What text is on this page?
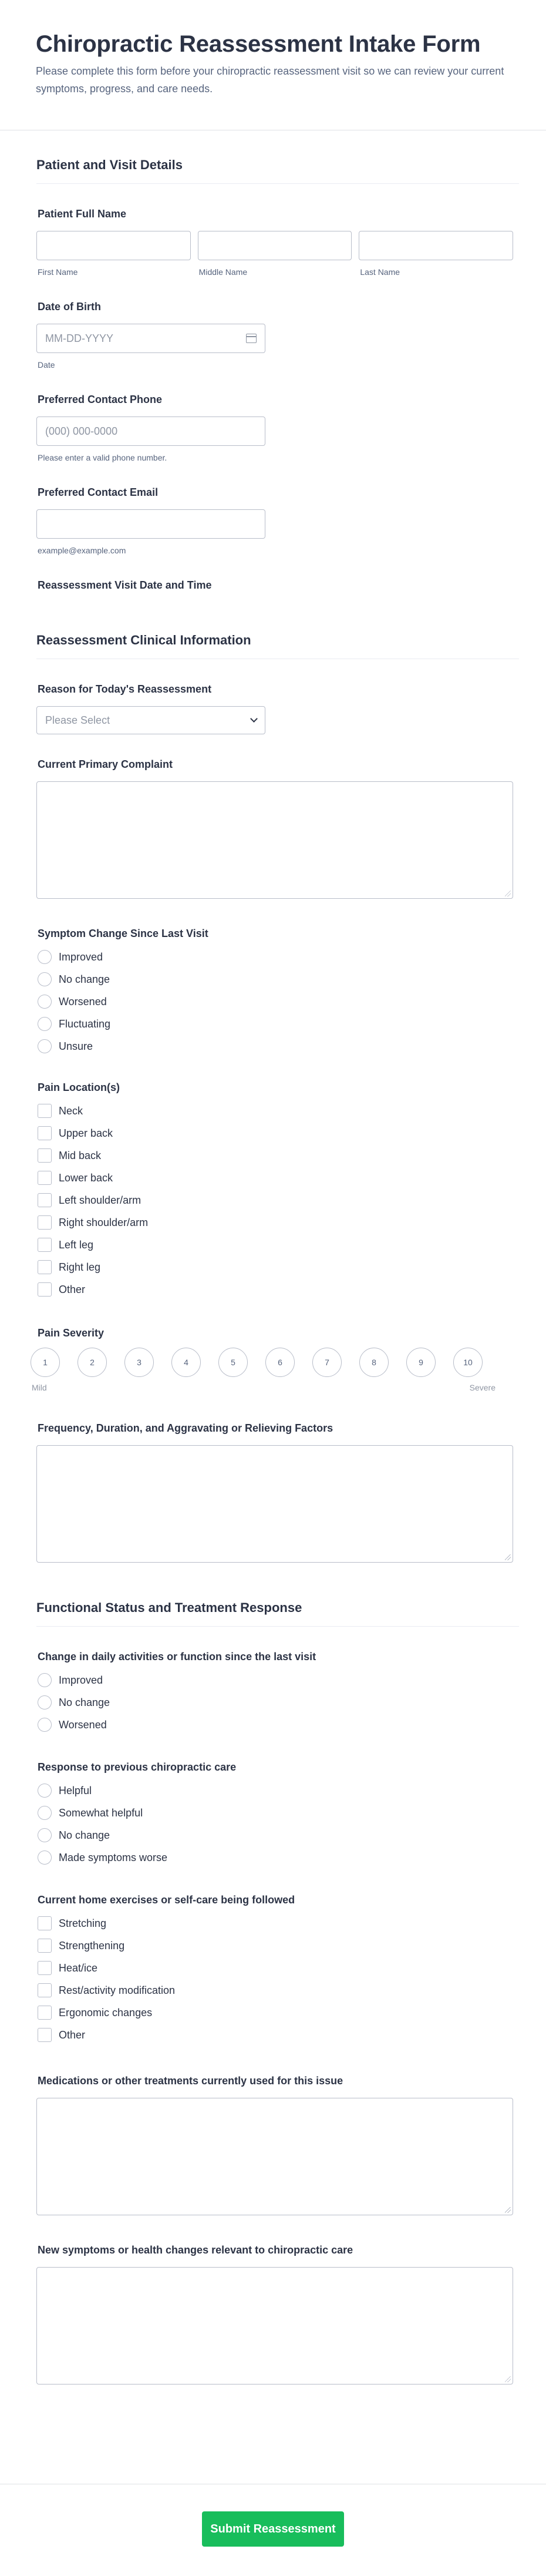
Chiropractic Reassessment Intake Form

Please complete this form before your chiropractic reassessment visit so we can review your current symptoms, progress, and care needs.

Patient and Visit Details
Patient Full Name
First Name	Middle Name	Last Name
Date of Birth
MM-DD-YYYY
Date
Preferred Contact Phone
(000) 000-0000
Please enter a valid phone number.
Preferred Contact Email
example@example.com
Reassessment Visit Date and Time
Reassessment Clinical Information
Reason for Today's Reassessment
Please Select
Current Primary Complaint
Symptom Change Since Last Visit
Improved
No change
Worsened
Fluctuating
Unsure
Pain Location(s)
Neck
Upper back
Mid back
Lower back
Left shoulder/arm
Right shoulder/arm
Left leg
Right leg
Other
Pain Severity
1	2	3	4	5	6	7	8	9	10
Mild	Severe
Frequency, Duration, and Aggravating or Relieving Factors
Functional Status and Treatment Response
Change in daily activities or function since the last visit
Improved
No change
Worsened
Response to previous chiropractic care
Helpful
Somewhat helpful
No change
Made symptoms worse
Current home exercises or self-care being followed
Stretching
Strengthening
Heat/ice
Rest/activity modification
Ergonomic changes
Other
Medications or other treatments currently used for this issue
New symptoms or health changes relevant to chiropractic care
Submit Reassessment
